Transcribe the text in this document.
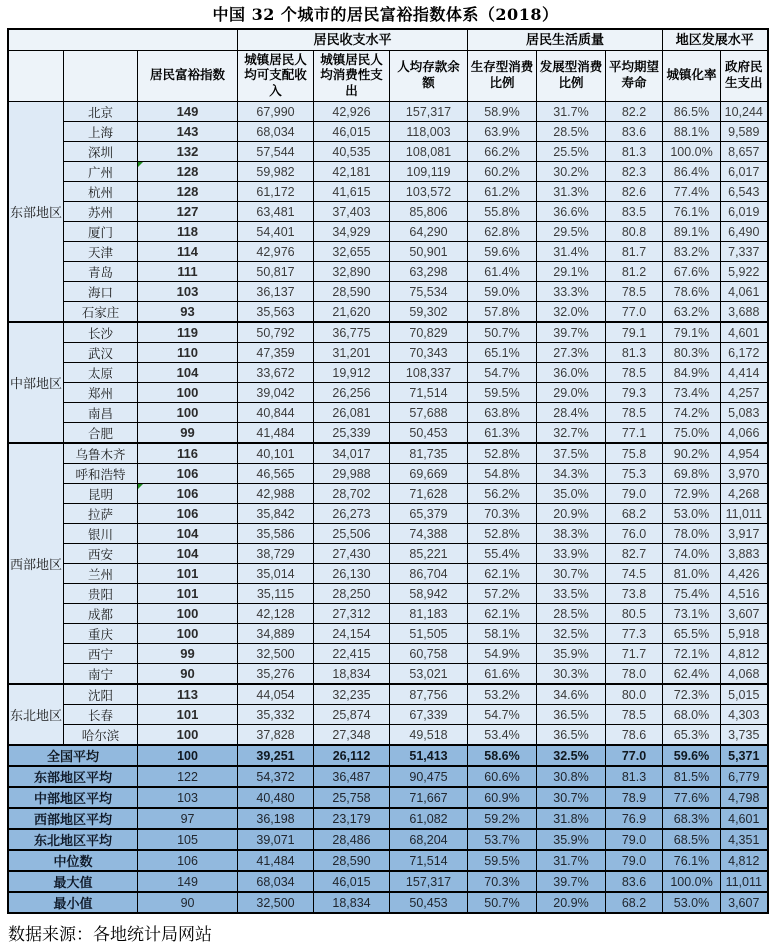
中国 32 个城市的居民富裕指数体系（2018）
			居民收支水平			居民生活质量			地区发展水平	
		居民富裕指数	城镇居民人均可支配收入	城镇居民人均消费性支出	人均存款余额	生存型消费比例	发展型消费比例	平均期望寿命	城镇化率	政府民生支出
东部地区	北京	149	67,990	42,926	157,317	58.9%	31.7%	82.2	86.5%	10,244
	上海	143	68,034	46,015	118,003	63.9%	28.5%	83.6	88.1%	9,589
	深圳	132	57,544	40,535	108,081	66.2%	25.5%	81.3	100.0%	8,657
	广州	128	59,982	42,181	109,119	60.2%	30.2%	82.3	86.4%	6,017
	杭州	128	61,172	41,615	103,572	61.2%	31.3%	82.6	77.4%	6,543
	苏州	127	63,481	37,403	85,806	55.8%	36.6%	83.5	76.1%	6,019
	厦门	118	54,401	34,929	64,290	62.8%	29.5%	80.8	89.1%	6,490
	天津	114	42,976	32,655	50,901	59.6%	31.4%	81.7	83.2%	7,337
	青岛	111	50,817	32,890	63,298	61.4%	29.1%	81.2	67.6%	5,922
	海口	103	36,137	28,590	75,534	59.0%	33.3%	78.5	78.6%	4,061
	石家庄	93	35,563	21,620	59,302	57.8%	32.0%	77.0	63.2%	3,688
中部地区	长沙	119	50,792	36,775	70,829	50.7%	39.7%	79.1	79.1%	4,601
	武汉	110	47,359	31,201	70,343	65.1%	27.3%	81.3	80.3%	6,172
	太原	104	33,672	19,912	108,337	54.7%	36.0%	78.5	84.9%	4,414
	郑州	100	39,042	26,256	71,514	59.5%	29.0%	79.3	73.4%	4,257
	南昌	100	40,844	26,081	57,688	63.8%	28.4%	78.5	74.2%	5,083
	合肥	99	41,484	25,339	50,453	61.3%	32.7%	77.1	75.0%	4,066
西部地区	乌鲁木齐	116	40,101	34,017	81,735	52.8%	37.5%	75.8	90.2%	4,954
	呼和浩特	106	46,565	29,988	69,669	54.8%	34.3%	75.3	69.8%	3,970
	昆明	106	42,988	28,702	71,628	56.2%	35.0%	79.0	72.9%	4,268
	拉萨	106	35,842	26,273	65,379	70.3%	20.9%	68.2	53.0%	11,011
	银川	104	35,586	25,506	74,388	52.8%	38.3%	76.0	78.0%	3,917
	西安	104	38,729	27,430	85,221	55.4%	33.9%	82.7	74.0%	3,883
	兰州	101	35,014	26,130	86,704	62.1%	30.7%	74.5	81.0%	4,426
	贵阳	101	35,115	28,250	58,942	57.2%	33.5%	73.8	75.4%	4,516
	成都	100	42,128	27,312	81,183	62.1%	28.5%	80.5	73.1%	3,607
	重庆	100	34,889	24,154	51,505	58.1%	32.5%	77.3	65.5%	5,918
	西宁	99	32,500	22,415	60,758	54.9%	35.9%	71.7	72.1%	4,812
	南宁	90	35,276	18,834	53,021	61.6%	30.3%	78.0	62.4%	4,068
东北地区	沈阳	113	44,054	32,235	87,756	53.2%	34.6%	80.0	72.3%	5,015
	长春	101	35,332	25,874	67,339	54.7%	36.5%	78.5	68.0%	4,303
	哈尔滨	100	37,828	27,348	49,518	53.4%	36.5%	78.6	65.3%	3,735
全国平均		100	39,251	26,112	51,413	58.6%	32.5%	77.0	59.6%	5,371
东部地区平均		122	54,372	36,487	90,475	60.6%	30.8%	81.3	81.5%	6,779
中部地区平均		103	40,480	25,758	71,667	60.9%	30.7%	78.9	77.6%	4,798
西部地区平均		97	36,198	23,179	61,082	59.2%	31.8%	76.9	68.3%	4,601
东北地区平均		105	39,071	28,486	68,204	53.7%	35.9%	79.0	68.5%	4,351
中位数		106	41,484	28,590	71,514	59.5%	31.7%	79.0	76.1%	4,812
最大值		149	68,034	46,015	157,317	70.3%	39.7%	83.6	100.0%	11,011
最小值		90	32,500	18,834	50,453	50.7%	20.9%	68.2	53.0%	3,607
数据来源：各地统计局网站
